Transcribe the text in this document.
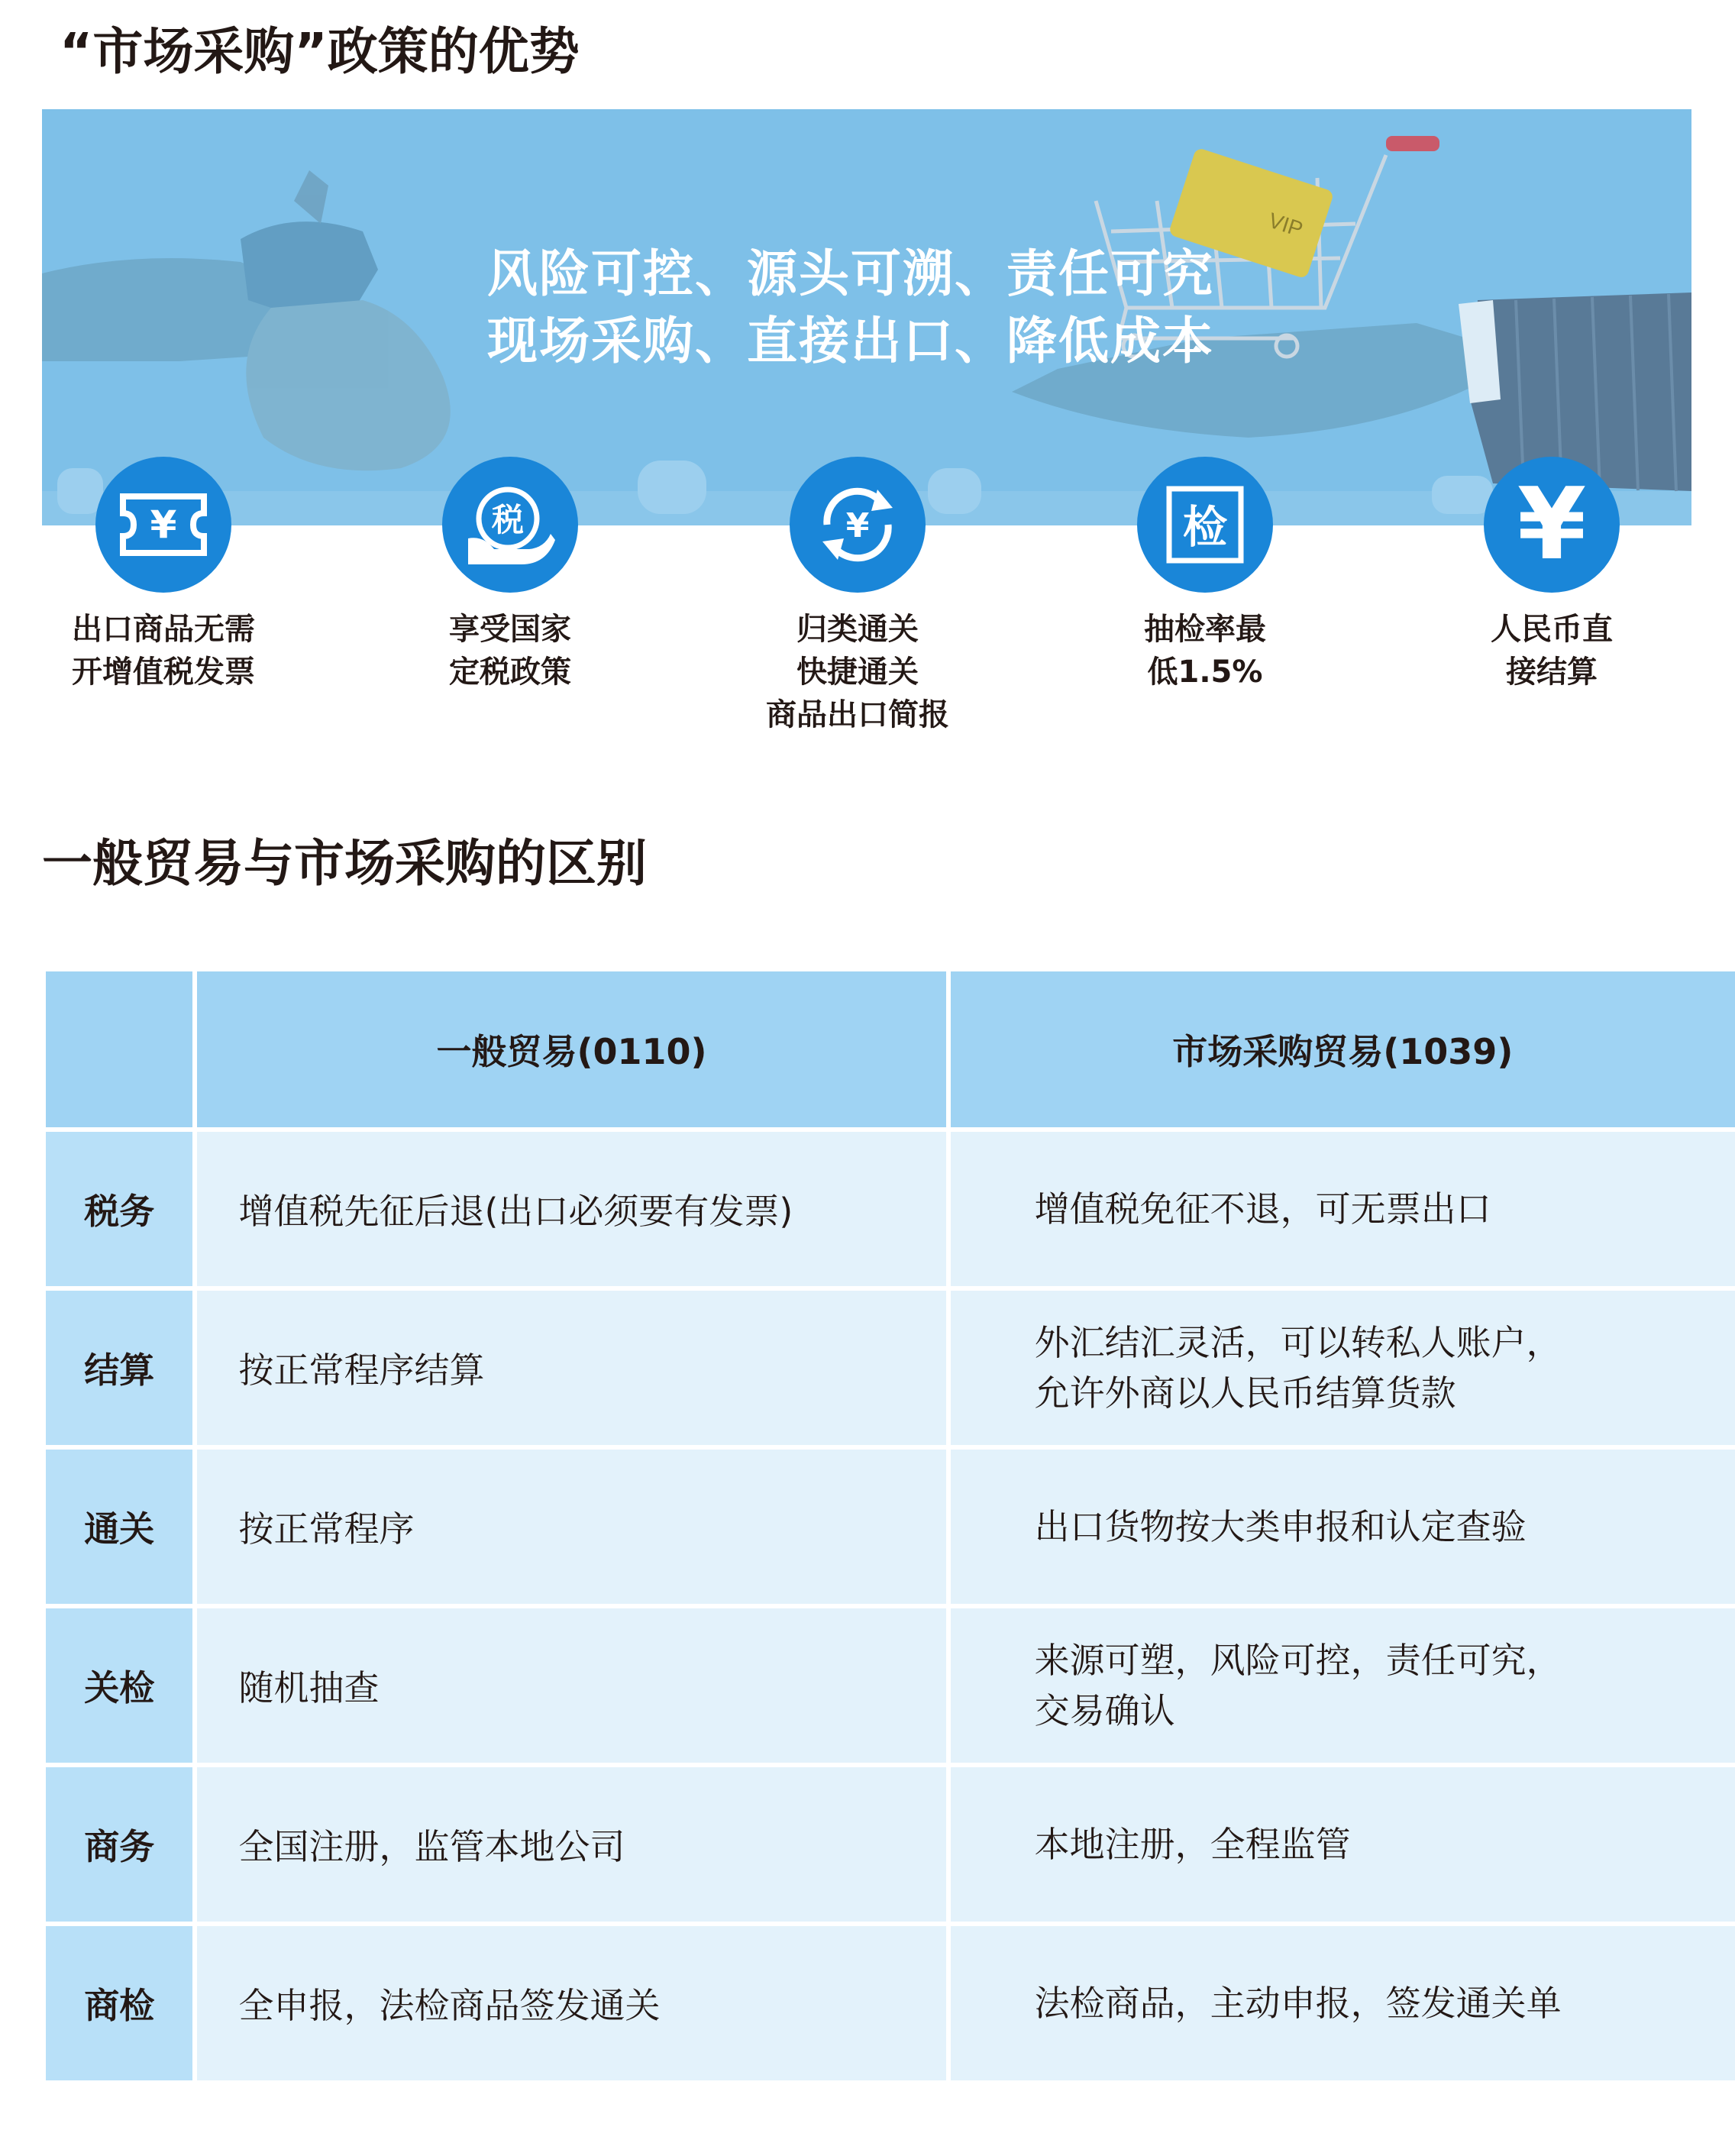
“市场采购”政策的优势
VIP
风险可控、源头可溯、责任可究
现场采购、直接出口、降低成本
¥
出口商品无需
开增值税发票
税
享受国家
定税政策
¥
归类通关
快捷通关
商品出口简报
检
抽检率最
低1.5%
¥
人民币直
接结算
一般贸易与市场采购的区别
	一般贸易(0110)	市场采购贸易(1039)
税务	增值税先征后退(出口必须要有发票)	增值税免征不退，可无票出口

结算	按正常程序结算	外汇结汇灵活，可以转私人账户，
允许外商以人民币结算货款

通关	按正常程序	出口货物按大类申报和认定查验

关检	随机抽查	来源可塑，风险可控，责任可究，
交易确认

商务	全国注册，监管本地公司	本地注册，全程监管

商检	全申报，法检商品签发通关	法检商品，主动申报，签发通关单
